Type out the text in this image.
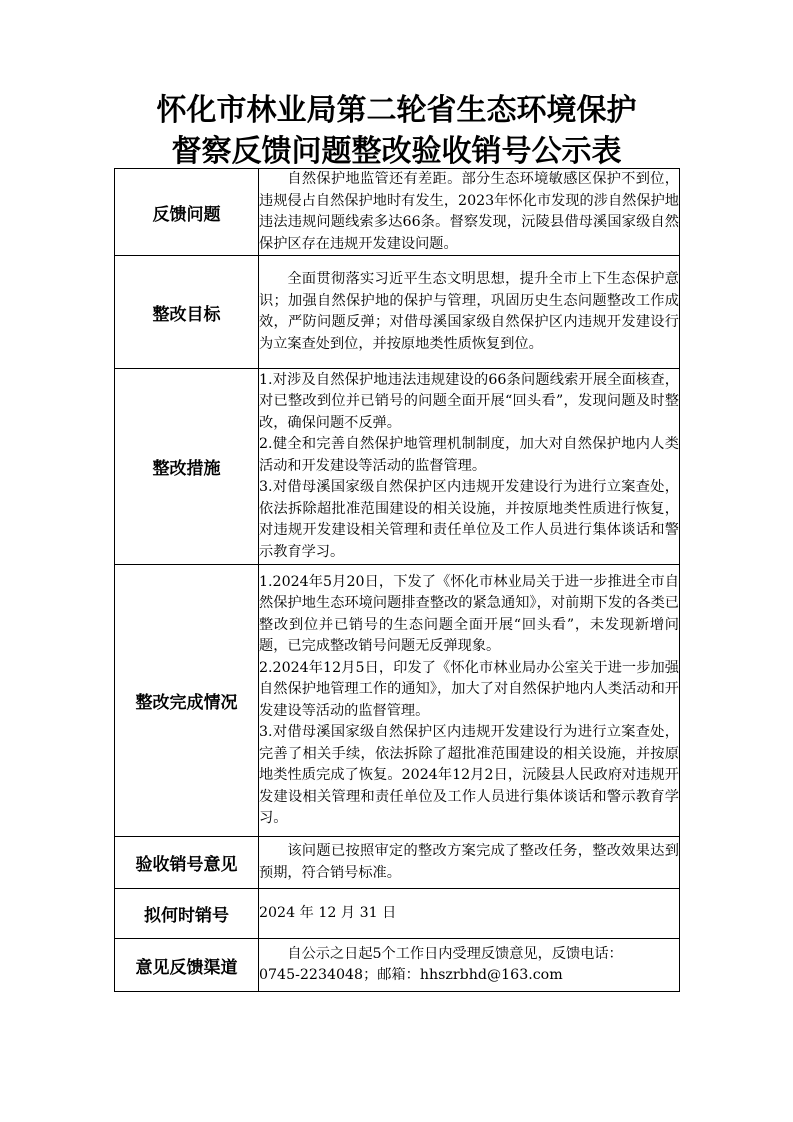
怀化市林业局第二轮省生态环境保护
督察反馈问题整改验收销号公示表
反馈问题	自然保护地监管还有差距。部分生态环境敏感区保护不到位，违规侵占自然保护地时有发生，2023年怀化市发现的涉自然保护地违法违规问题线索多达66条。督察发现，沅陵县借母溪国家级自然保护区存在违规开发建设问题。

整改目标	全面贯彻落实习近平生态文明思想，提升全市上下生态保护意识；加强自然保护地的保护与管理，巩固历史生态问题整改工作成效，严防问题反弹；对借母溪国家级自然保护区内违规开发建设行为立案查处到位，并按原地类性质恢复到位。

整改措施	1.对涉及自然保护地违法违规建设的66条问题线索开展全面核查，对已整改到位并已销号的问题全面开展“回头看”，发现问题及时整改，确保问题不反弹。

2.健全和完善自然保护地管理机制制度，加大对自然保护地内人类活动和开发建设等活动的监督管理。

3.对借母溪国家级自然保护区内违规开发建设行为进行立案查处，依法拆除超批准范围建设的相关设施，并按原地类性质进行恢复，对违规开发建设相关管理和责任单位及工作人员进行集体谈话和警示教育学习。

整改完成情况	1.2024年5月20日，下发了《怀化市林业局关于进一步推进全市自然保护地生态环境问题排查整改的紧急通知》，对前期下发的各类已整改到位并已销号的生态问题全面开展“回头看”，未发现新增问题，已完成整改销号问题无反弹现象。

2.2024年12月5日，印发了《怀化市林业局办公室关于进一步加强自然保护地管理工作的通知》，加大了对自然保护地内人类活动和开发建设等活动的监督管理。

3.对借母溪国家级自然保护区内违规开发建设行为进行立案查处，完善了相关手续，依法拆除了超批准范围建设的相关设施，并按原地类性质完成了恢复。2024年12月2日，沅陵县人民政府对违规开发建设相关管理和责任单位及工作人员进行集体谈话和警示教育学习。

验收销号意见	该问题已按照审定的整改方案完成了整改任务，整改效果达到预期，符合销号标准。

拟何时销号	2024 年 12 月 31 日

意见反馈渠道	自公示之日起5个工作日内受理反馈意见，反馈电话：

0745-2234048；邮箱：hhszrbhd@163.com
